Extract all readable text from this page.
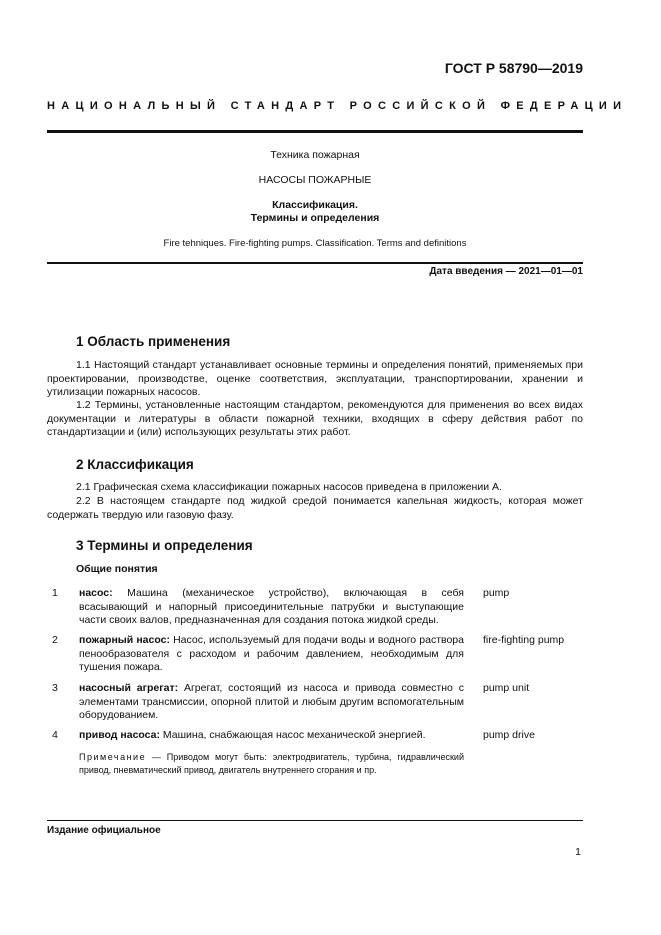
ГОСТ Р 58790—2019
НАЦИОНАЛЬНЫЙ СТАНДАРТ РОССИЙСКОЙ ФЕДЕРАЦИИ
Техника пожарная
НАСОСЫ ПОЖАРНЫЕ
Классификация.
Термины и определения
Fire tehniques. Fire-fighting pumps. Classification. Terms and definitions
Дата введения — 2021—01—01
1 Область применения

1.1 Настоящий стандарт устанавливает основные термины и определения понятий, применяемых при проектировании, производстве, оценке соответствия, эксплуатации, транспортировании, хранении и утилизации пожарных насосов.

1.2 Термины, установленные настоящим стандартом, рекомендуются для применения во всех видах документации и литературы в области пожарной техники, входящих в сферу действия работ по стандартизации и (или) использующих результаты этих работ.

2 Классификация

2.1 Графическая схема классификации пожарных насосов приведена в приложении А.

2.2 В настоящем стандарте под жидкой средой понимается капельная жидкость, которая может содержать твердую или газовую фазу.

3 Термины и определения
Общие понятия
1 насос: Машина (механическое устройство), включающая в себя всасывающий и напорный присоединительные патрубки и выступающие части своих валов, предназначенная для создания потока жидкой среды.

pump
2 пожарный насос: Насос, используемый для подачи воды и водного раствора пенообразователя с расходом и рабочим давлением, необходимым для тушения пожара.

fire-fighting pump
3 насосный агрегат: Агрегат, состоящий из насоса и привода совместно с элементами трансмиссии, опорной плитой и любым другим вспомогательным оборудованием.

pump unit
4 привод насоса: Машина, снабжающая насос механической энергией.	pump drive

Примечание — Приводом могут быть: электродвигатель, турбина, гидравлический привод, пневматический привод, двигатель внутреннего сгорания и пр.

Издание официальное
1
